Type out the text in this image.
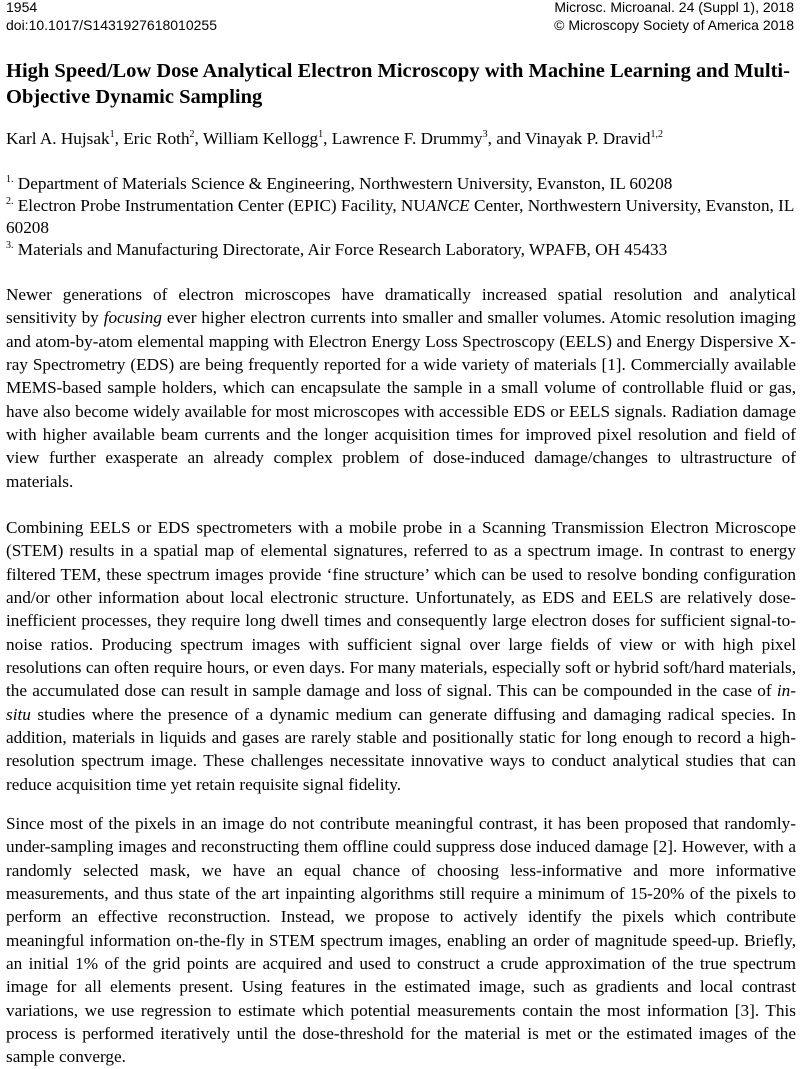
1954
doi:10.1017/S1431927618010255
Microsc. Microanal. 24 (Suppl 1), 2018
© Microscopy Society of America 2018
High Speed/Low Dose Analytical Electron Microscopy with Machine Learning and Multi-Objective Dynamic Sampling
Karl A. Hujsak$^1$, Eric Roth$^2$, William Kellogg$^1$, Lawrence F. Drummy$^3$, and Vinayak P. Dravid$^{1,2}$

$^{1.}$ Department of Materials Science & Engineering, Northwestern University, Evanston, IL 60208

$^{2.}$ Electron Probe Instrumentation Center (EPIC) Facility, NUANCE Center, Northwestern University, Evanston, IL 60208

$^{3.}$ Materials and Manufacturing Directorate, Air Force Research Laboratory, WPAFB, OH 45433

Newer generations of electron microscopes have dramatically increased spatial resolution and analytical sensitivity by focusing ever higher electron currents into smaller and smaller volumes. Atomic resolution imaging and atom-by-atom elemental mapping with Electron Energy Loss Spectroscopy (EELS) and Energy Dispersive X-ray Spectrometry (EDS) are being frequently reported for a wide variety of materials [1]. Commercially available MEMS-based sample holders, which can encapsulate the sample in a small volume of controllable fluid or gas, have also become widely available for most microscopes with accessible EDS or EELS signals. Radiation damage with higher available beam currents and the longer acquisition times for improved pixel resolution and field of view further exasperate an already complex problem of dose-induced damage/changes to ultrastructure of materials.

Combining EELS or EDS spectrometers with a mobile probe in a Scanning Transmission Electron Microscope (STEM) results in a spatial map of elemental signatures, referred to as a spectrum image. In contrast to energy filtered TEM, these spectrum images provide ‘fine structure’ which can be used to resolve bonding configuration and/or other information about local electronic structure. Unfortunately, as EDS and EELS are relatively dose-inefficient processes, they require long dwell times and consequently large electron doses for sufficient signal-to-noise ratios. Producing spectrum images with sufficient signal over large fields of view or with high pixel resolutions can often require hours, or even days. For many materials, especially soft or hybrid soft/hard materials, the accumulated dose can result in sample damage and loss of signal. This can be compounded in the case of in-situ studies where the presence of a dynamic medium can generate diffusing and damaging radical species. In addition, materials in liquids and gases are rarely stable and positionally static for long enough to record a high-resolution spectrum image. These challenges necessitate innovative ways to conduct analytical studies that can reduce acquisition time yet retain requisite signal fidelity.

Since most of the pixels in an image do not contribute meaningful contrast, it has been proposed that randomly-under-sampling images and reconstructing them offline could suppress dose induced damage [2]. However, with a randomly selected mask, we have an equal chance of choosing less-informative and more informative measurements, and thus state of the art inpainting algorithms still require a minimum of 15-20% of the pixels to perform an effective reconstruction. Instead, we propose to actively identify the pixels which contribute meaningful information on-the-fly in STEM spectrum images, enabling an order of magnitude speed-up. Briefly, an initial 1% of the grid points are acquired and used to construct a crude approximation of the true spectrum image for all elements present. Using features in the estimated image, such as gradients and local contrast variations, we use regression to estimate which potential measurements contain the most information [3]. This process is performed iteratively until the dose-threshold for the material is met or the estimated images of the sample converge.
